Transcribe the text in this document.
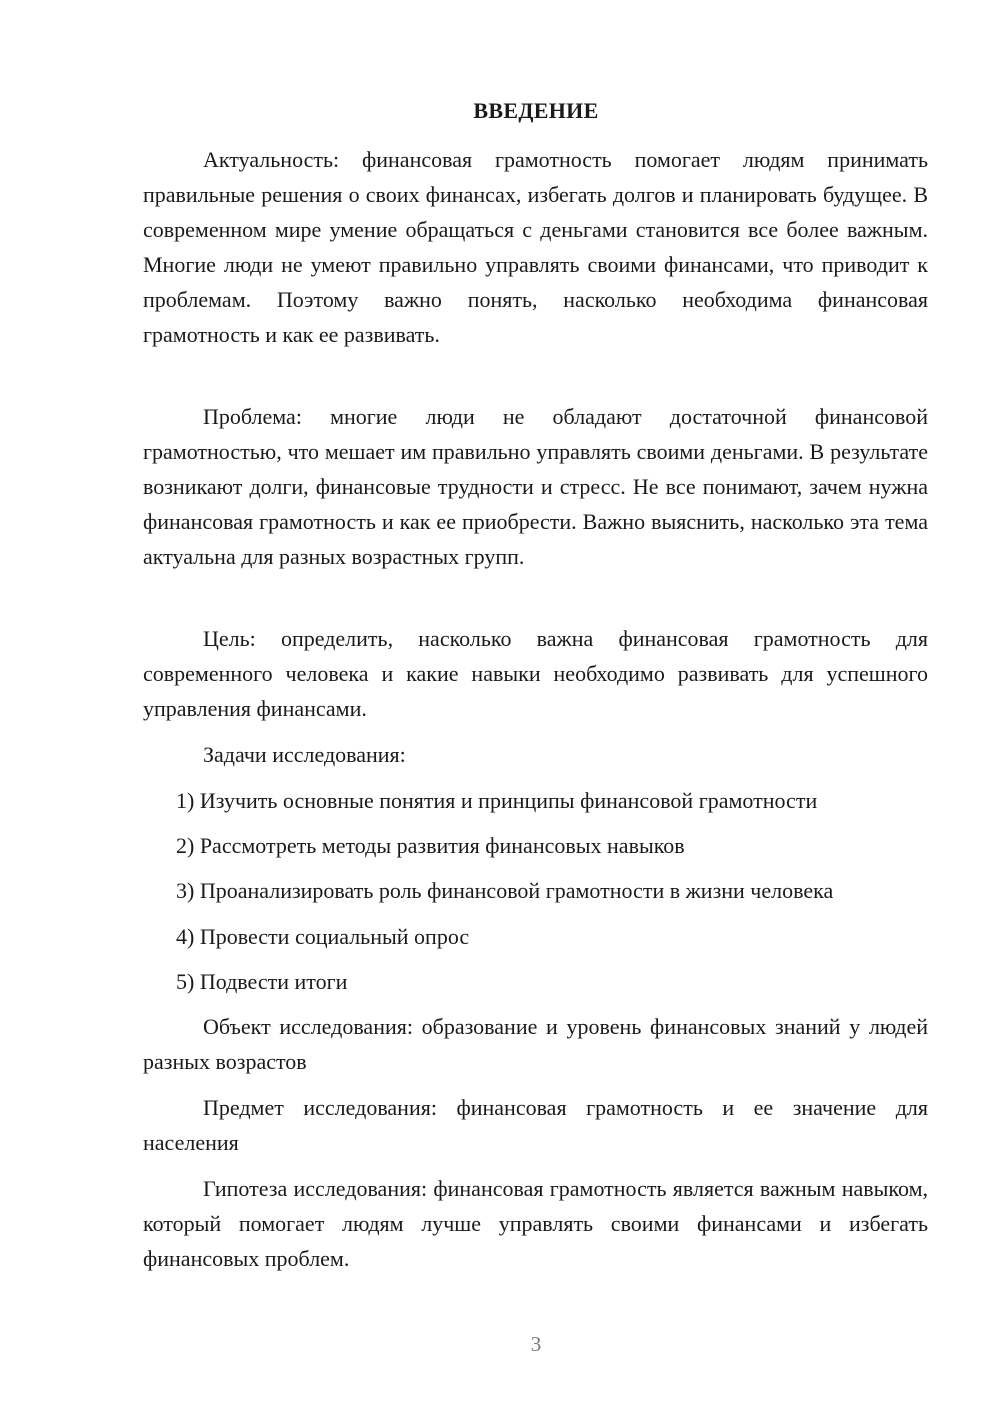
ВВЕДЕНИЕ

Актуальность: финансовая грамотность помогает людям принимать правильные решения о своих финансах, избегать долгов и планировать будущее. В современном мире умение обращаться с деньгами становится все более важным. Многие люди не умеют правильно управлять своими финансами, что приводит к проблемам. Поэтому важно понять, насколько необходима финансовая грамотность и как ее развивать.

Проблема: многие люди не обладают достаточной финансовой грамотностью, что мешает им правильно управлять своими деньгами. В результате возникают долги, финансовые трудности и стресс. Не все понимают, зачем нужна финансовая грамотность и как ее приобрести. Важно выяснить, насколько эта тема актуальна для разных возрастных групп.

Цель: определить, насколько важна финансовая грамотность для современного человека и какие навыки необходимо развивать для успешного управления финансами.

Задачи исследования:

1) Изучить основные понятия и принципы финансовой грамотности

2) Рассмотреть методы развития финансовых навыков

3) Проанализировать роль финансовой грамотности в жизни человека

4) Провести социальный опрос

5) Подвести итоги

Объект исследования: образование и уровень финансовых знаний у людей разных возрастов

Предмет исследования: финансовая грамотность и ее значение для населения

Гипотеза исследования: финансовая грамотность является важным навыком, который помогает людям лучше управлять своими финансами и избегать финансовых проблем.

3
